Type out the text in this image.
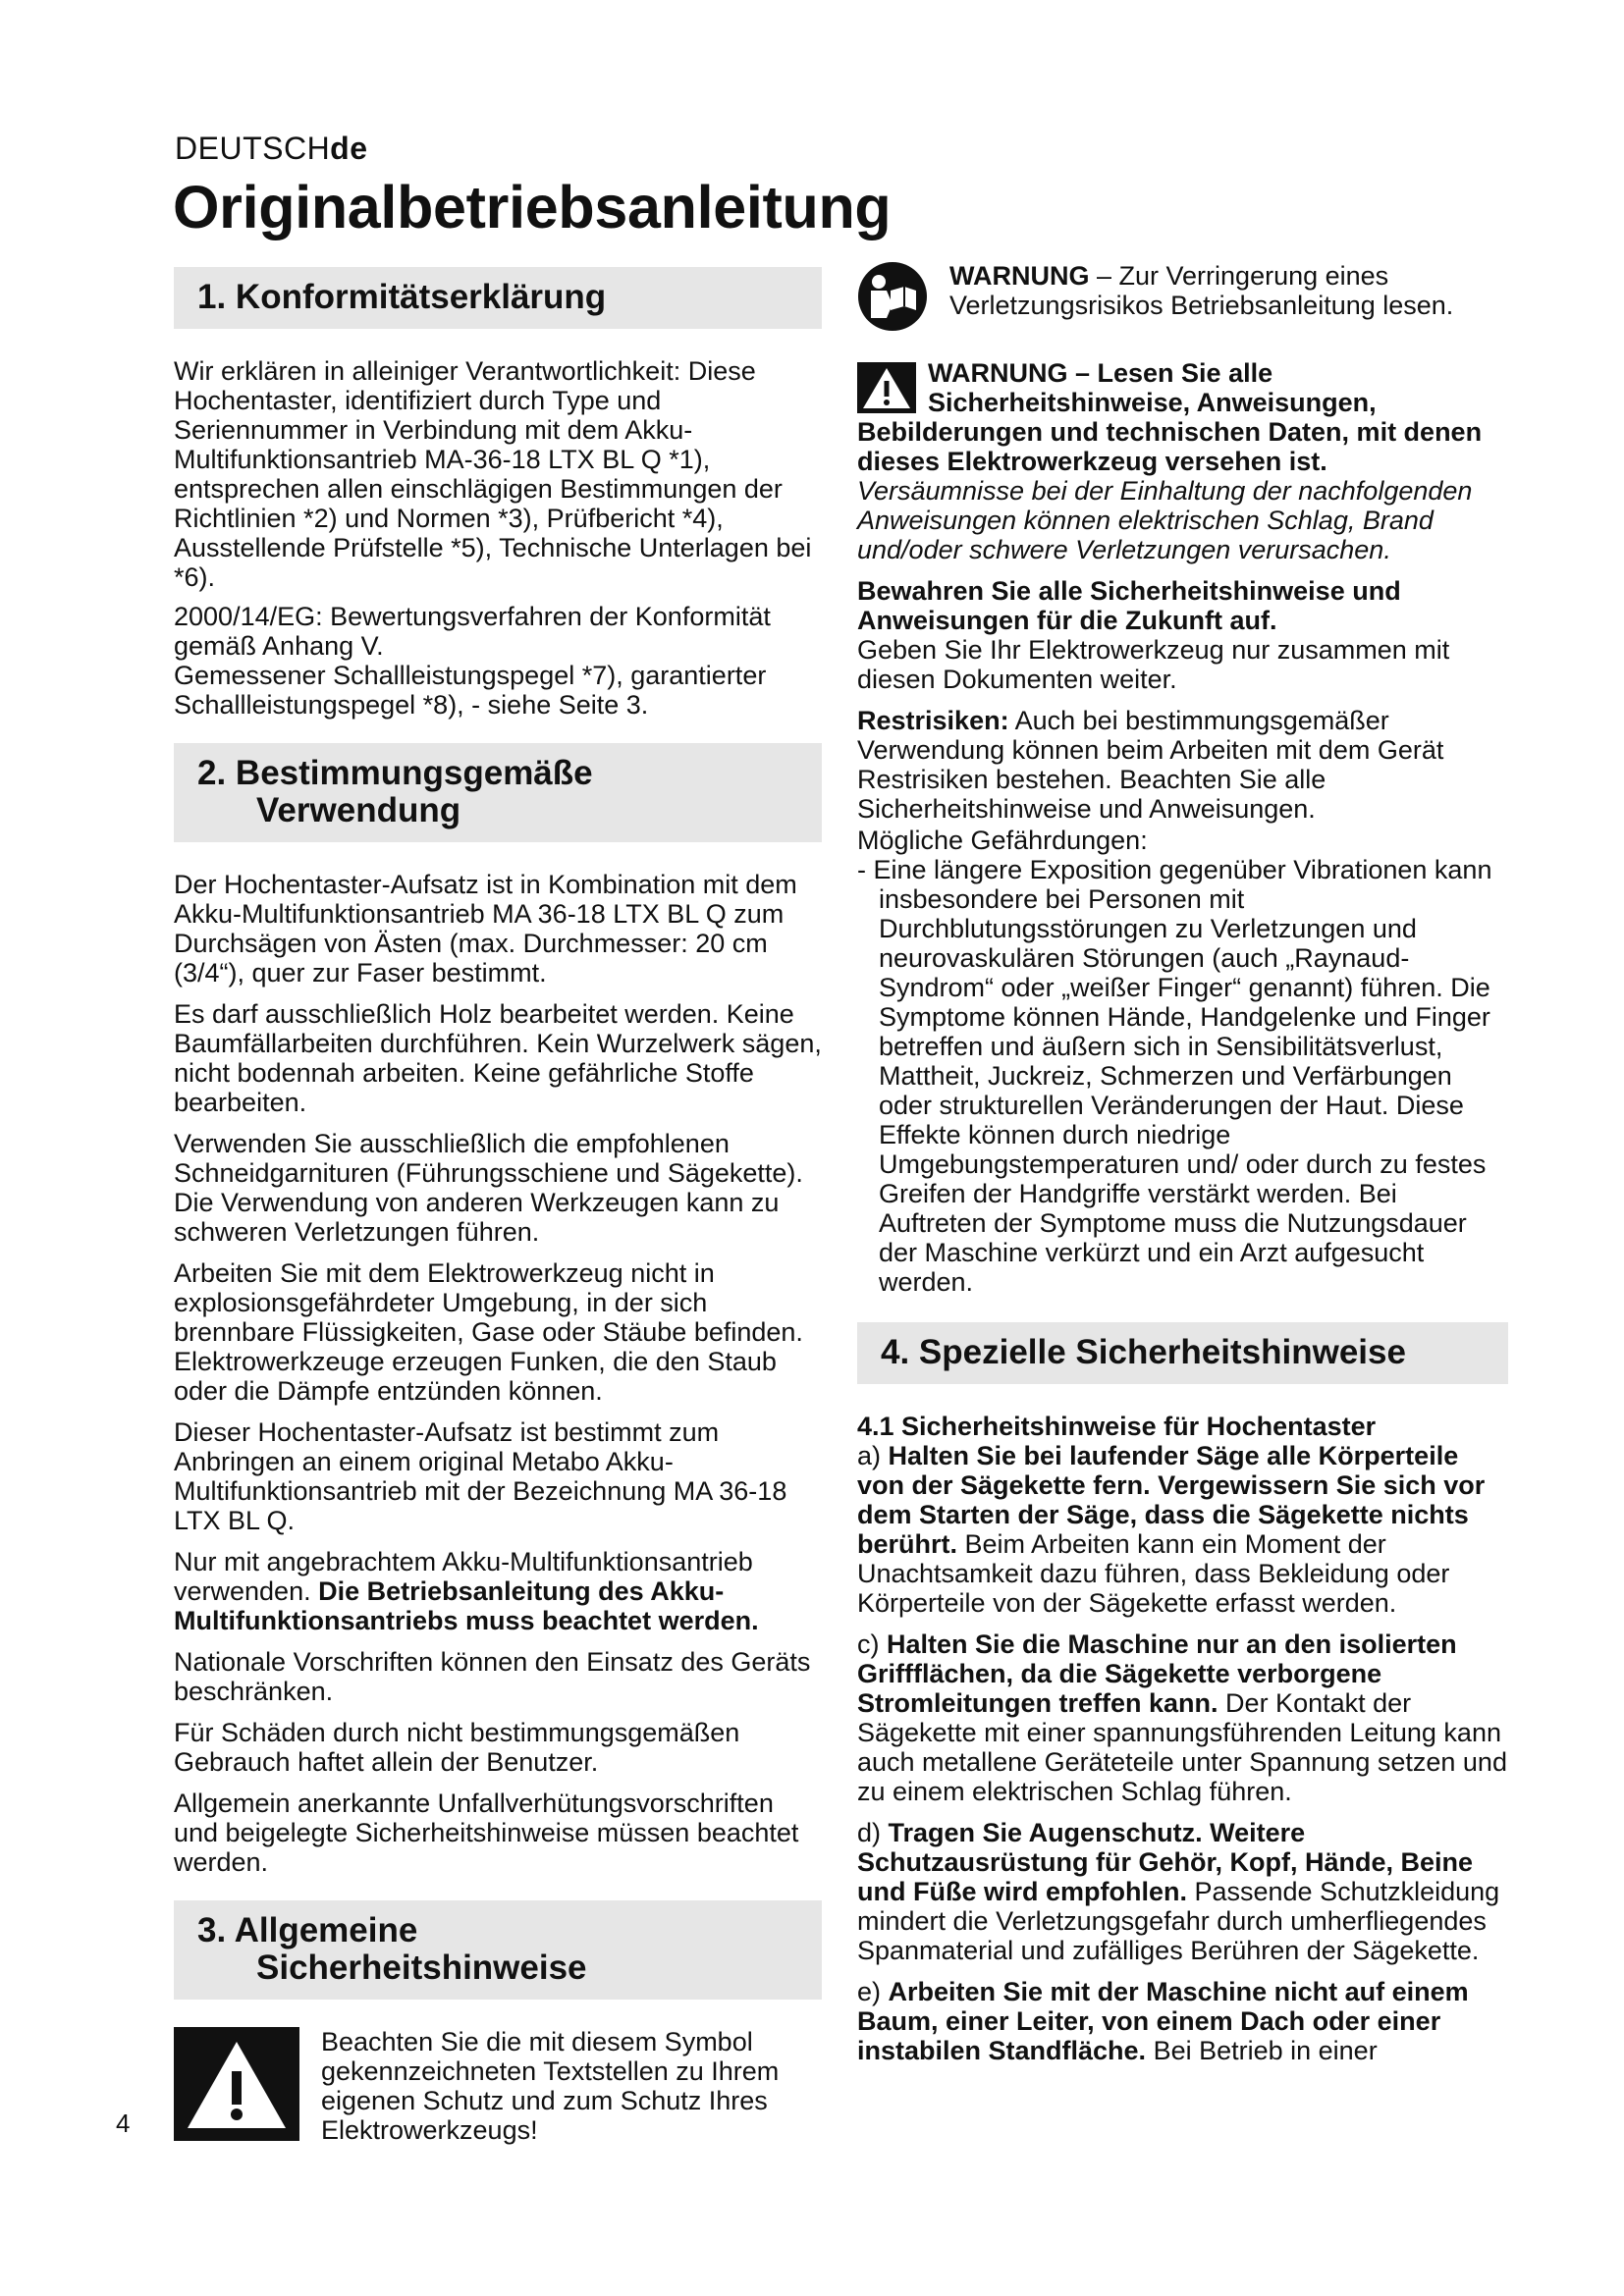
DEUTSCHde
Originalbetriebsanleitung
1. Konformitätserklärung

Wir erklären in alleiniger Verantwortlichkeit: Diese Hochentaster, identifiziert durch Type und Seriennummer in Verbindung mit dem Akku-Multifunktionsantrieb MA-36-18 LTX BL Q *1), entsprechen allen einschlägigen Bestimmungen der Richtlinien *2) und Normen *3), Prüfbericht *4), Ausstellende Prüfstelle *5), Technische Unterlagen bei *6).

2000/14/EG: Bewertungsverfahren der Konformität gemäß Anhang V.

Gemessener Schallleistungspegel *7), garantierter Schallleistungspegel *8), - siehe Seite 3.

2. Bestimmungsgemäße
Verwendung

Der Hochentaster-Aufsatz ist in Kombination mit dem Akku-Multifunktionsantrieb MA 36-18 LTX BL Q zum Durchsägen von Ästen (max. Durchmesser: 20 cm (3/4“), quer zur Faser bestimmt.

Es darf ausschließlich Holz bearbeitet werden. Keine Baumfällarbeiten durchführen. Kein Wurzelwerk sägen, nicht bodennah arbeiten. Keine gefährliche Stoffe bearbeiten.

Verwenden Sie ausschließlich die empfohlenen Schneidgarnituren (Führungsschiene und Sägekette). Die Verwendung von anderen Werkzeugen kann zu schweren Verletzungen führen.

Arbeiten Sie mit dem Elektrowerkzeug nicht in explosionsgefährdeter Umgebung, in der sich brennbare Flüssigkeiten, Gase oder Stäube befinden. Elektrowerkzeuge erzeugen Funken, die den Staub oder die Dämpfe entzünden können.

Dieser Hochentaster-Aufsatz ist bestimmt zum Anbringen an einem original Metabo Akku-Multifunktionsantrieb mit der Bezeichnung MA 36-18 LTX BL Q.

Nur mit angebrachtem Akku-Multifunktionsantrieb verwenden. Die Betriebsanleitung des Akku-Multifunktionsantriebs muss beachtet werden.

Nationale Vorschriften können den Einsatz des Geräts beschränken.

Für Schäden durch nicht bestimmungsgemäßen Gebrauch haftet allein der Benutzer.

Allgemein anerkannte Unfallverhütungsvorschriften und beigelegte Sicherheitshinweise müssen beachtet werden.

3. Allgemeine
Sicherheitshinweise

Beachten Sie die mit diesem Symbol gekennzeichneten Textstellen zu Ihrem eigenen Schutz und zum Schutz Ihres Elektrowerkzeugs!

WARNUNG – Zur Verringerung eines Verletzungsrisikos Betriebsanleitung lesen.

WARNUNG – Lesen Sie alle Sicherheitshinweise, Anweisungen, Bebilderungen und technischen Daten, mit denen dieses Elektrowerkzeug versehen ist.

Versäumnisse bei der Einhaltung der nachfolgenden Anweisungen können elektrischen Schlag, Brand und/oder schwere Verletzungen verursachen.

Bewahren Sie alle Sicherheitshinweise und Anweisungen für die Zukunft auf.

Geben Sie Ihr Elektrowerkzeug nur zusammen mit diesen Dokumenten weiter.

Restrisiken: Auch bei bestimmungsgemäßer Verwendung können beim Arbeiten mit dem Gerät Restrisiken bestehen. Beachten Sie alle Sicherheitshinweise und Anweisungen.

Mögliche Gefährdungen:

- Eine längere Exposition gegenüber Vibrationen kann insbesondere bei Personen mit Durchblutungsstörungen zu Verletzungen und neurovaskulären Störungen (auch „Raynaud-Syndrom“ oder „weißer Finger“ genannt) führen. Die Symptome können Hände, Handgelenke und Finger betreffen und äußern sich in Sensibilitätsverlust, Mattheit, Juckreiz, Schmerzen und Verfärbungen oder strukturellen Veränderungen der Haut. Diese Effekte können durch niedrige Umgebungstemperaturen und/ oder durch zu festes Greifen der Handgriffe verstärkt werden. Bei Auftreten der Symptome muss die Nutzungsdauer der Maschine verkürzt und ein Arzt aufgesucht werden.

4. Spezielle Sicherheitshinweise

4.1 Sicherheitshinweise für Hochentaster

a) Halten Sie bei laufender Säge alle Körperteile von der Sägekette fern. Vergewissern Sie sich vor dem Starten der Säge, dass die Sägekette nichts berührt. Beim Arbeiten kann ein Moment der Unachtsamkeit dazu führen, dass Bekleidung oder Körperteile von der Sägekette erfasst werden.

c) Halten Sie die Maschine nur an den isolierten Griffflächen, da die Sägekette verborgene Stromleitungen treffen kann. Der Kontakt der Sägekette mit einer spannungsführenden Leitung kann auch metallene Geräteteile unter Spannung setzen und zu einem elektrischen Schlag führen.

d) Tragen Sie Augenschutz. Weitere Schutzausrüstung für Gehör, Kopf, Hände, Beine und Füße wird empfohlen. Passende Schutzkleidung mindert die Verletzungsgefahr durch umherfliegendes Spanmaterial und zufälliges Berühren der Sägekette.

e) Arbeiten Sie mit der Maschine nicht auf einem Baum, einer Leiter, von einem Dach oder einer instabilen Standfläche. Bei Betrieb in einer

4
